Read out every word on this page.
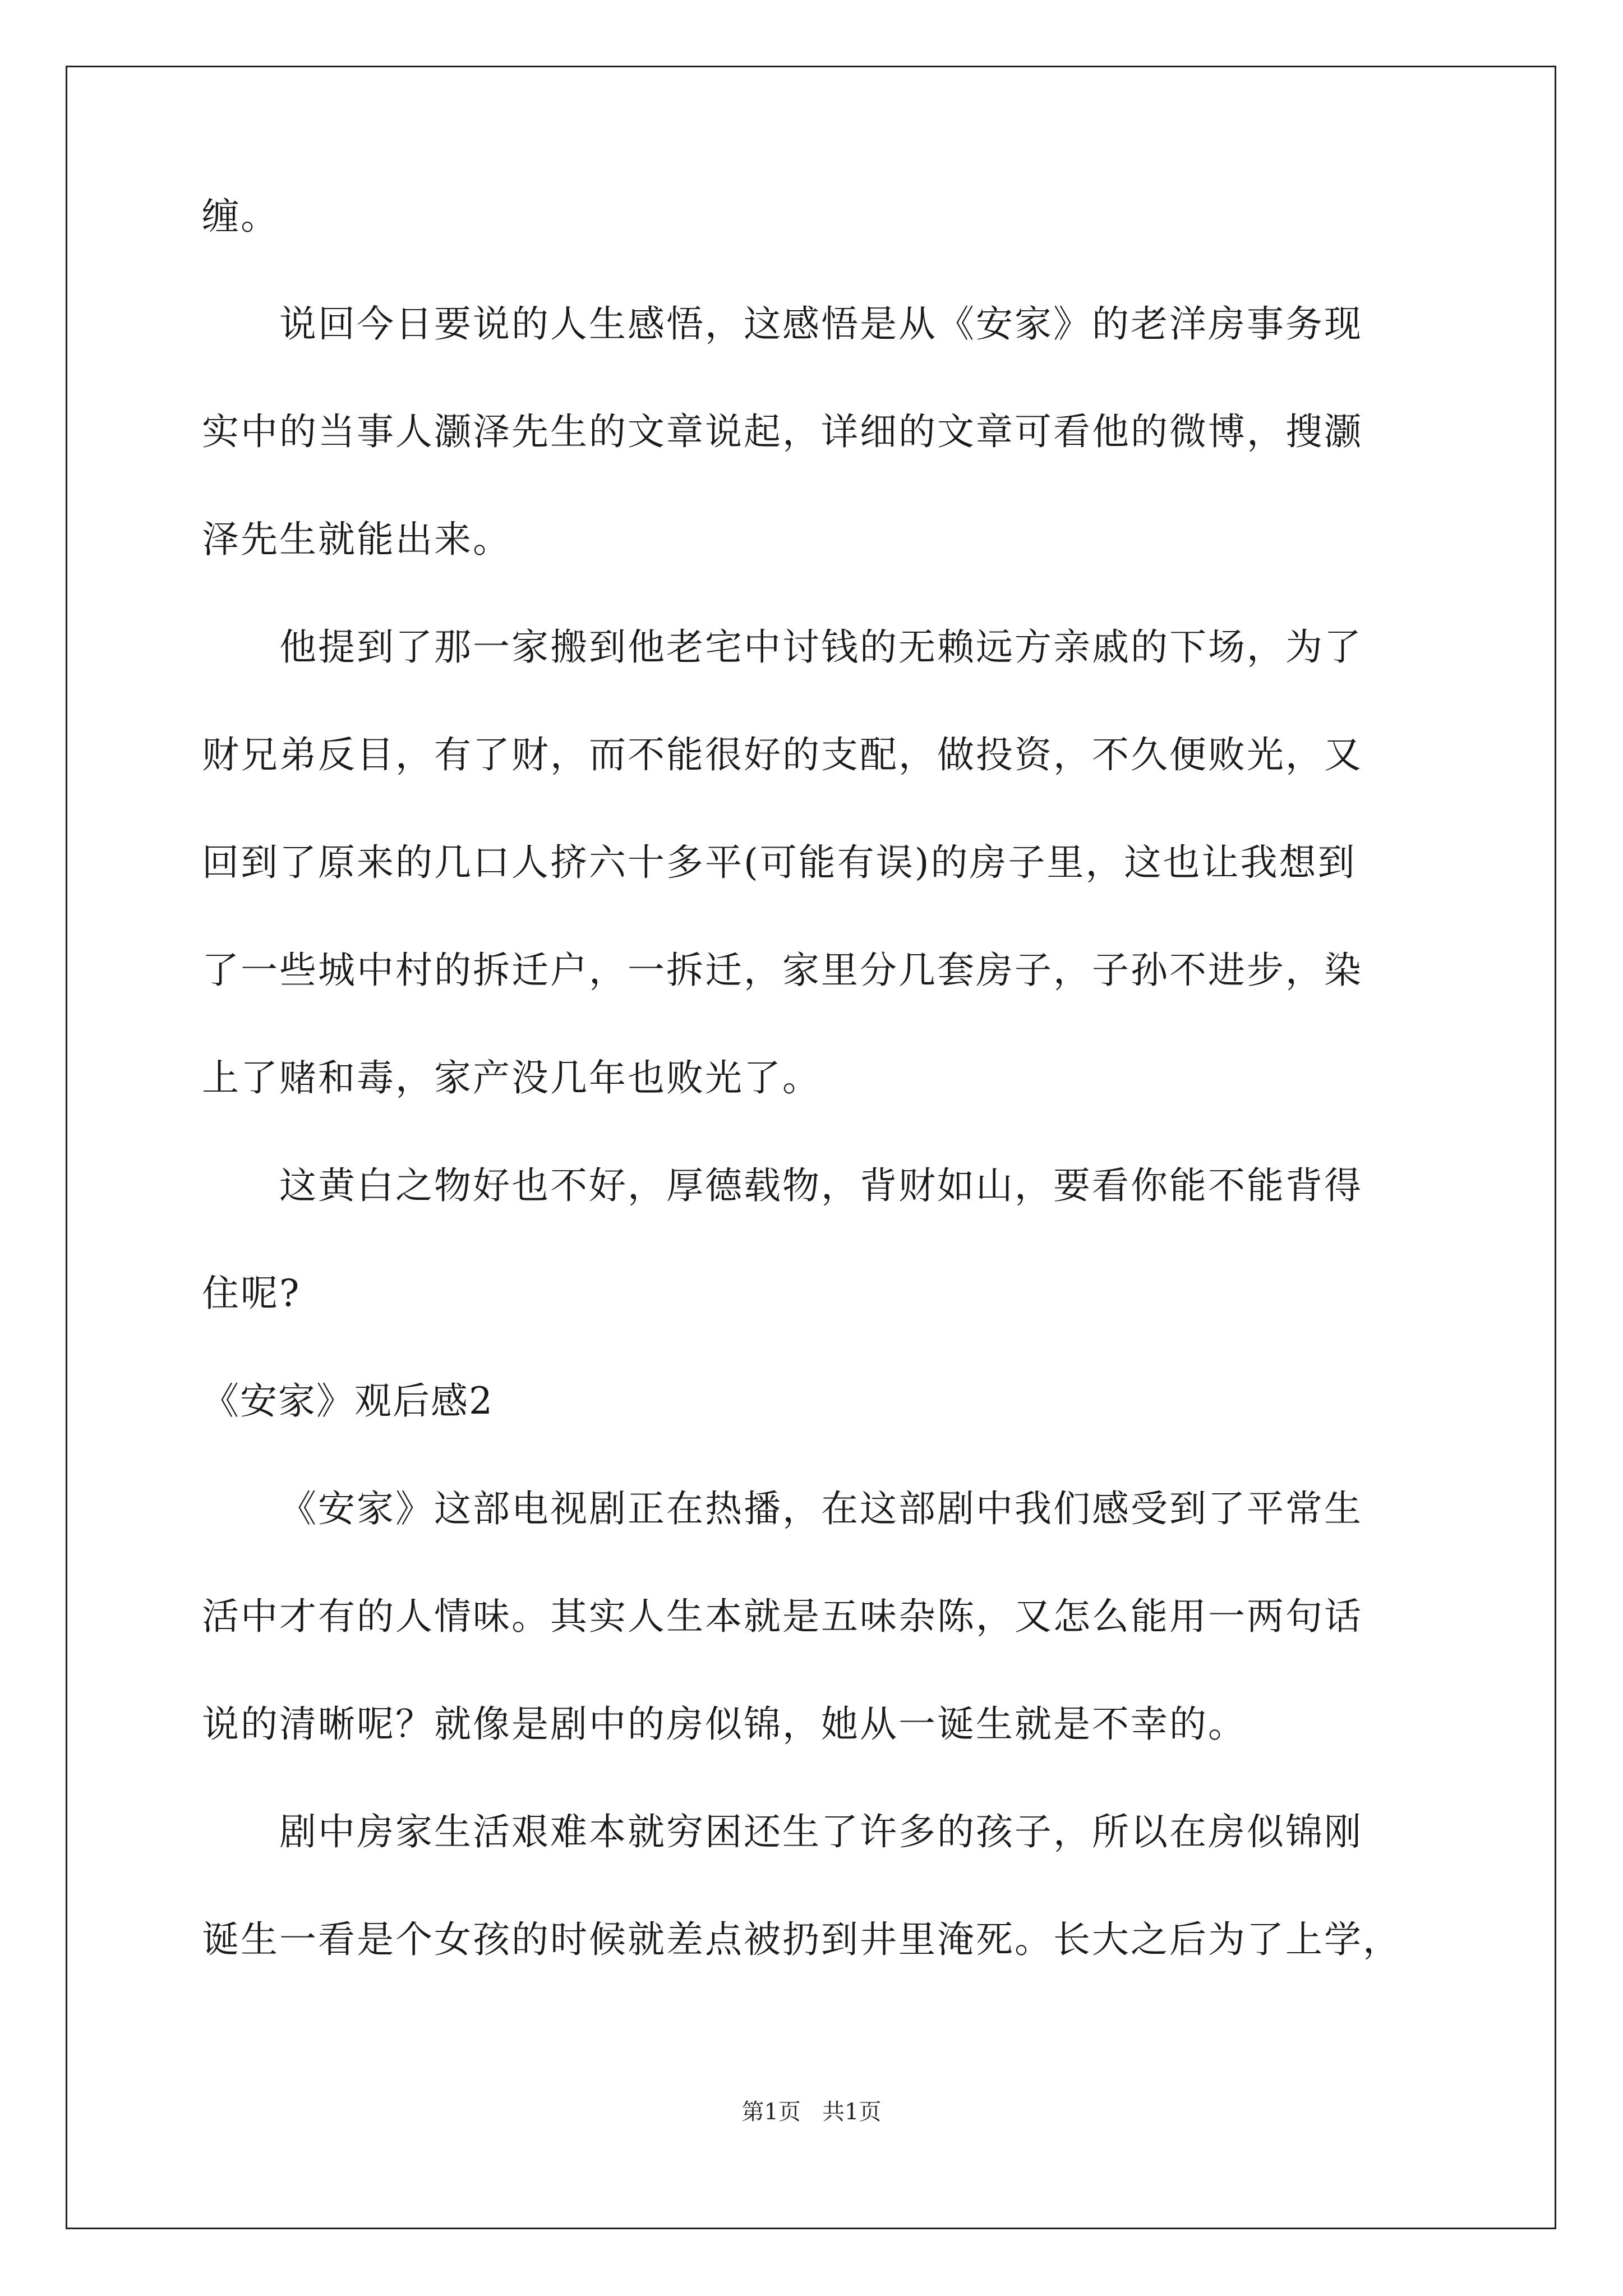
缠。
说回今日要说的人生感悟，这感悟是从《安家》的老洋房事务现
实中的当事人灏泽先生的文章说起，详细的文章可看他的微博，搜灏
泽先生就能出来。
他提到了那一家搬到他老宅中讨钱的无赖远方亲戚的下场，为了
财兄弟反目，有了财，而不能很好的支配，做投资，不久便败光，又
回到了原来的几口人挤六十多平(可能有误)的房子里，这也让我想到
了一些城中村的拆迁户，一拆迁，家里分几套房子，子孙不进步，染
上了赌和毒，家产没几年也败光了。
这黄白之物好也不好，厚德载物，背财如山，要看你能不能背得
住呢?
《安家》观后感2
《安家》这部电视剧正在热播，在这部剧中我们感受到了平常生
活中才有的人情味。其实人生本就是五味杂陈，又怎么能用一两句话
说的清晰呢？就像是剧中的房似锦，她从一诞生就是不幸的。
剧中房家生活艰难本就穷困还生了许多的孩子，所以在房似锦刚
诞生一看是个女孩的时候就差点被扔到井里淹死。长大之后为了上学，
第1页   共1页
